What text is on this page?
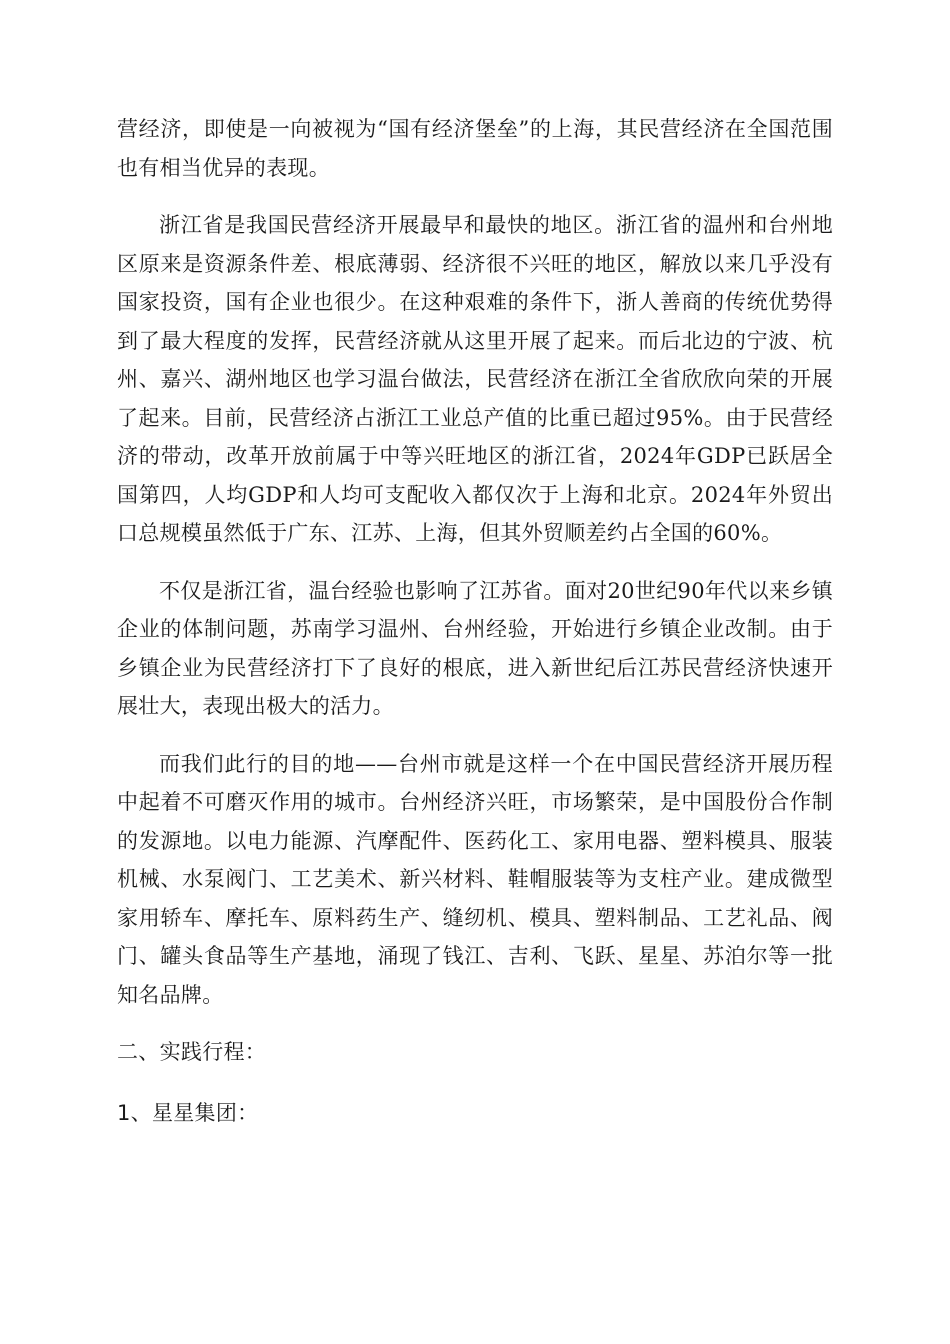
营经济，即使是一向被视为“国有经济堡垒”的上海，其民营经济在全国范围也有相当优异的表现。

浙江省是我国民营经济开展最早和最快的地区。浙江省的温州和台州地区原来是资源条件差、根底薄弱、经济很不兴旺的地区，解放以来几乎没有国家投资，国有企业也很少。在这种艰难的条件下，浙人善商的传统优势得到了最大程度的发挥，民营经济就从这里开展了起来。而后北边的宁波、杭州、嘉兴、湖州地区也学习温台做法，民营经济在浙江全省欣欣向荣的开展了起来。目前，民营经济占浙江工业总产值的比重已超过95%。由于民营经济的带动，改革开放前属于中等兴旺地区的浙江省，2024年GDP已跃居全国第四，人均GDP和人均可支配收入都仅次于上海和北京。2024年外贸出口总规模虽然低于广东、江苏、上海，但其外贸顺差约占全国的60%。

不仅是浙江省，温台经验也影响了江苏省。面对20世纪90年代以来乡镇企业的体制问题，苏南学习温州、台州经验，开始进行乡镇企业改制。由于乡镇企业为民营经济打下了良好的根底，进入新世纪后江苏民营经济快速开展壮大，表现出极大的活力。

而我们此行的目的地——台州市就是这样一个在中国民营经济开展历程中起着不可磨灭作用的城市。台州经济兴旺，市场繁荣，是中国股份合作制的发源地。以电力能源、汽摩配件、医药化工、家用电器、塑料模具、服装机械、水泵阀门、工艺美术、新兴材料、鞋帽服装等为支柱产业。建成微型家用轿车、摩托车、原料药生产、缝纫机、模具、塑料制品、工艺礼品、阀门、罐头食品等生产基地，涌现了钱江、吉利、飞跃、星星、苏泊尔等一批知名品牌。

二、实践行程：

1、星星集团：
